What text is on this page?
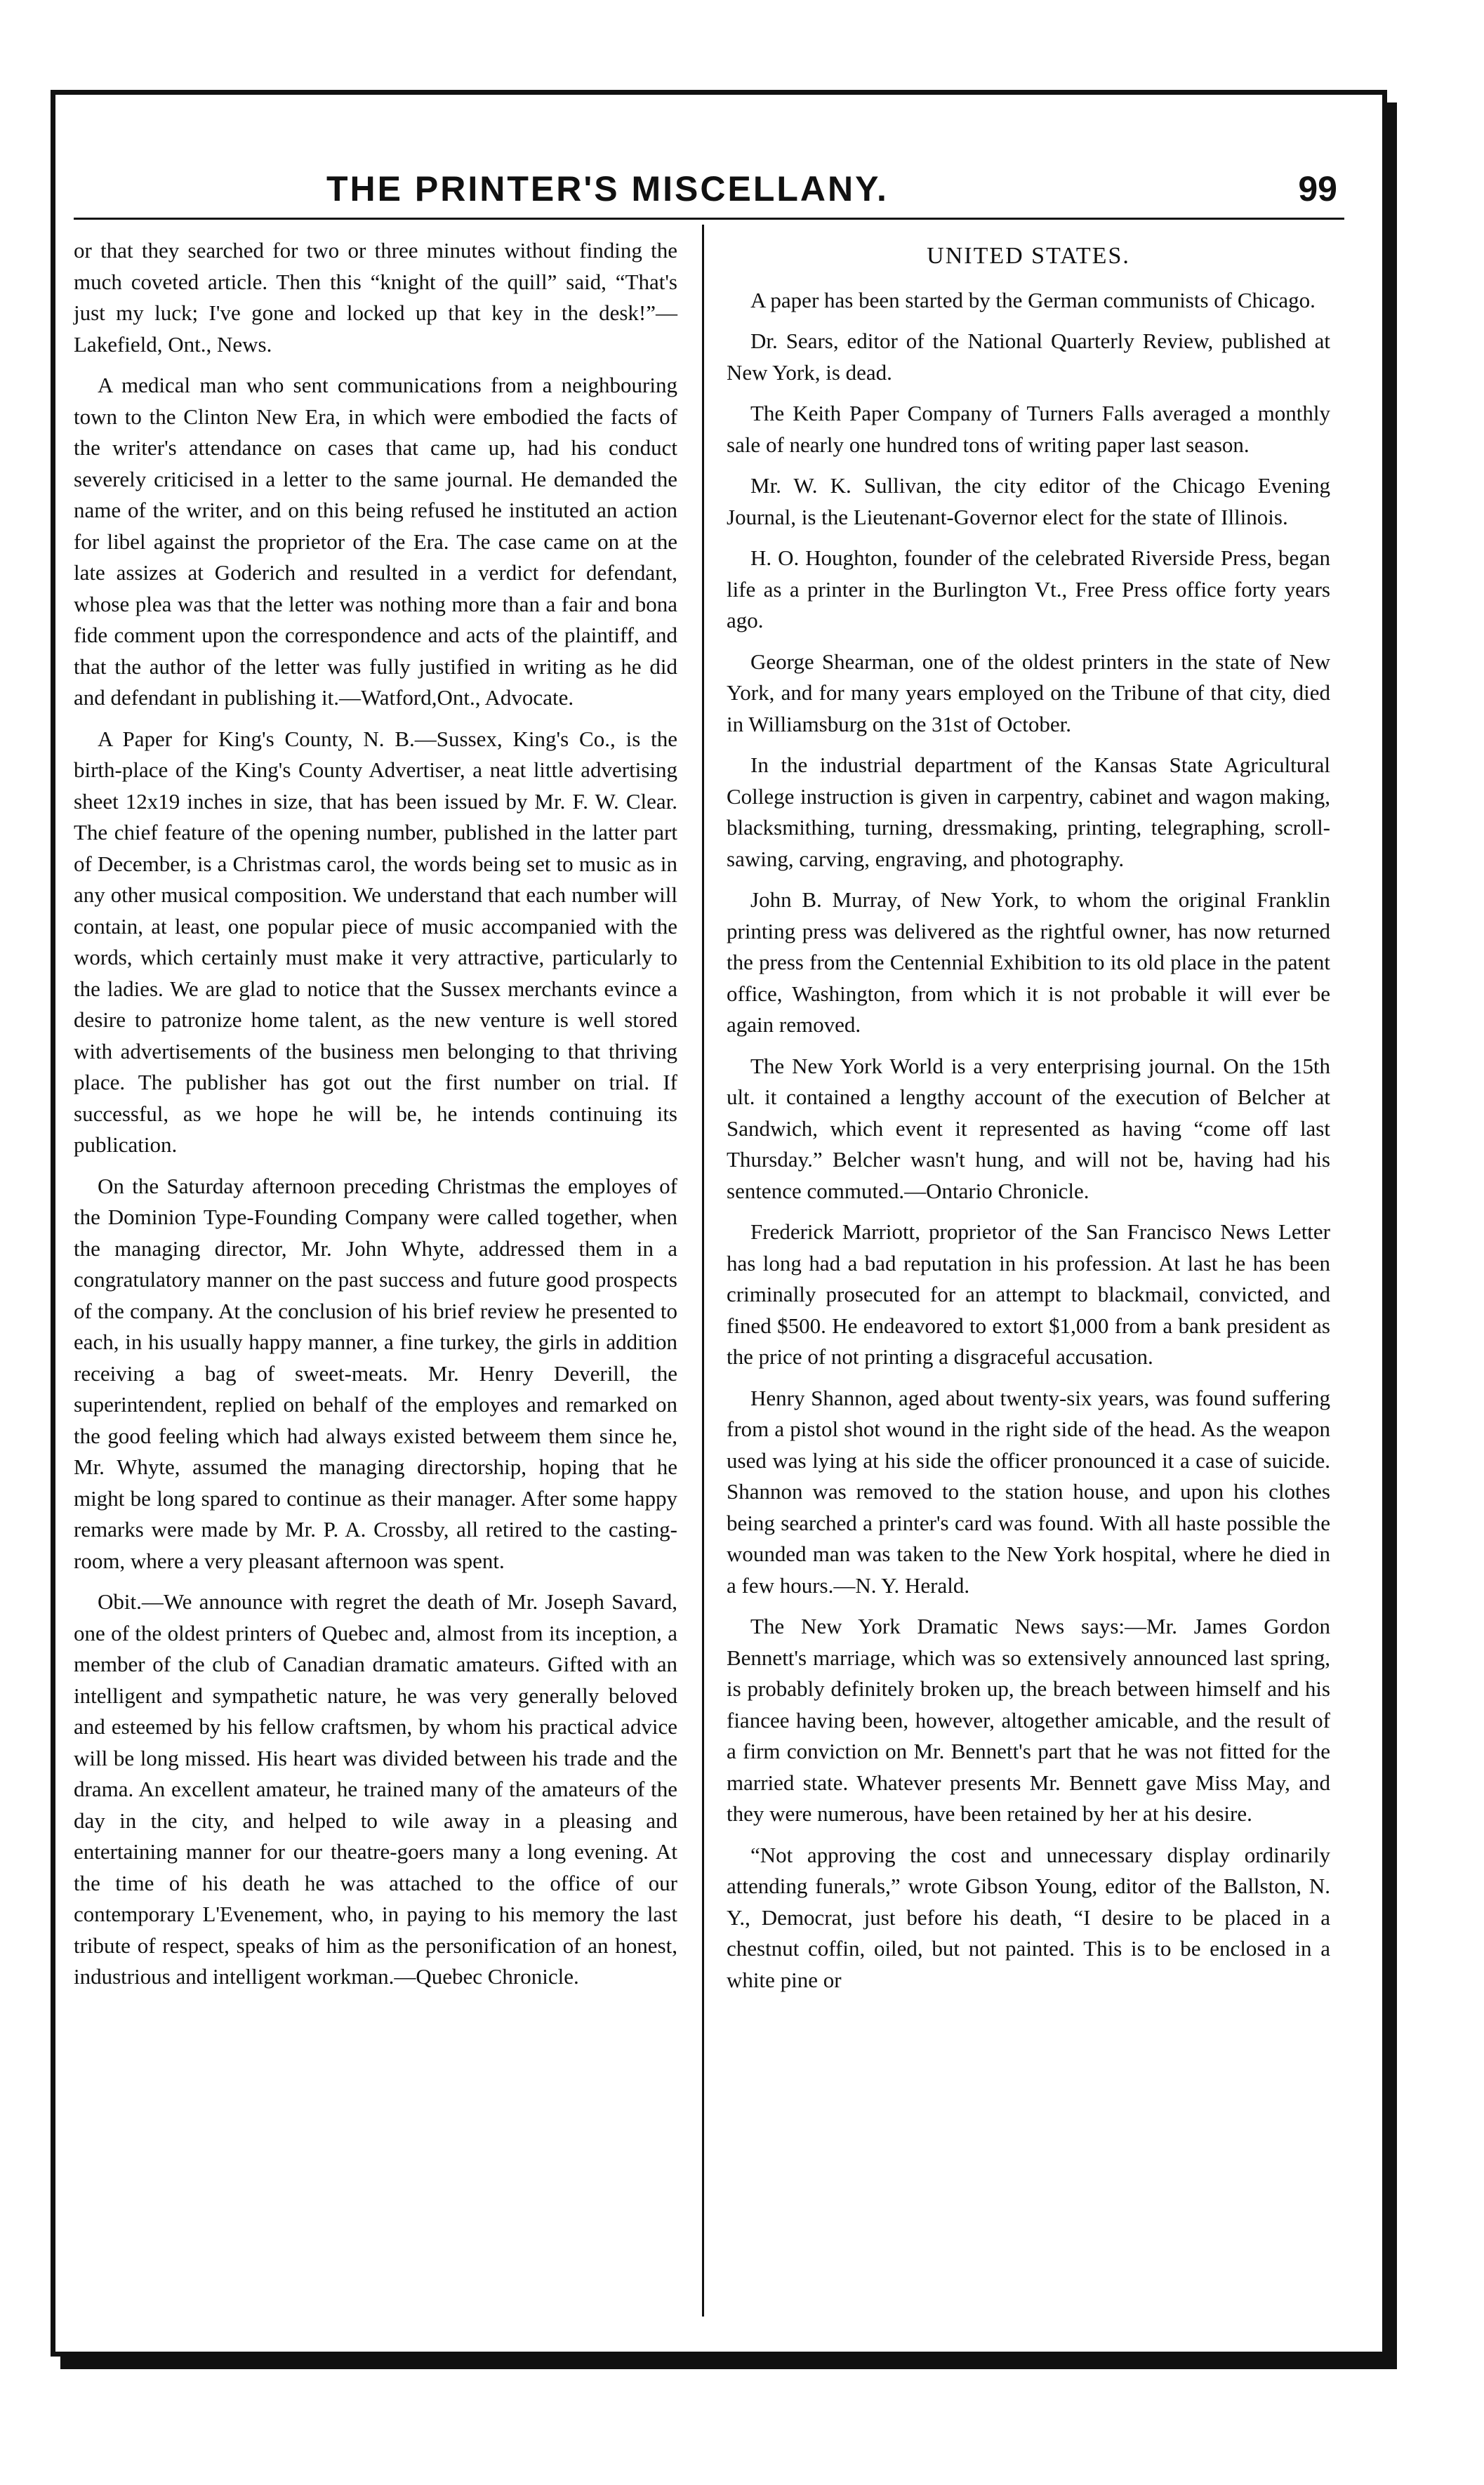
THE PRINTER'S MISCELLANY.	99

or that they searched for two or three minutes without finding the much coveted article. Then this “knight of the quill” said, “That's just my luck; I've gone and locked up that key in the desk!”—Lakefield, Ont., News.

A medical man who sent communications from a neighbouring town to the Clinton New Era, in which were embodied the facts of the writer's attendance on cases that came up, had his conduct severely criticised in a letter to the same journal. He demanded the name of the writer, and on this being refused he instituted an action for libel against the proprietor of the Era. The case came on at the late assizes at Goderich and resulted in a verdict for defendant, whose plea was that the letter was nothing more than a fair and bona fide comment upon the correspondence and acts of the plaintiff, and that the author of the letter was fully justified in writing as he did and defendant in publishing it.—Watford,Ont., Advocate.

A Paper for King's County, N. B.—Sussex, King's Co., is the birth-place of the King's County Advertiser, a neat little advertising sheet 12x19 inches in size, that has been issued by Mr. F. W. Clear. The chief feature of the opening number, published in the latter part of December, is a Christmas carol, the words being set to music as in any other musical composition. We understand that each number will contain, at least, one popular piece of music accompanied with the words, which certainly must make it very attractive, particularly to the ladies. We are glad to notice that the Sussex merchants evince a desire to patronize home talent, as the new venture is well stored with advertisements of the business men belonging to that thriving place. The publisher has got out the first number on trial. If successful, as we hope he will be, he intends continuing its publication.

On the Saturday afternoon preceding Christmas the employes of the Dominion Type-Founding Company were called together, when the managing director, Mr. John Whyte, addressed them in a congratulatory manner on the past success and future good prospects of the company. At the conclusion of his brief review he presented to each, in his usually happy manner, a fine turkey, the girls in addition receiving a bag of sweet-meats. Mr. Henry Deverill, the superintendent, replied on behalf of the employes and remarked on the good feeling which had always existed betweem them since he, Mr. Whyte, assumed the managing directorship, hoping that he might be long spared to continue as their manager. After some happy remarks were made by Mr. P. A. Crossby, all retired to the casting-room, where a very pleasant afternoon was spent.

Obit.—We announce with regret the death of Mr. Joseph Savard, one of the oldest printers of Quebec and, almost from its inception, a member of the club of Canadian dramatic amateurs. Gifted with an intelligent and sympathetic nature, he was very generally beloved and esteemed by his fellow craftsmen, by whom his practical advice will be long missed. His heart was divided between his trade and the drama. An excellent amateur, he trained many of the amateurs of the day in the city, and helped to wile away in a pleasing and entertaining manner for our theatre-goers many a long evening. At the time of his death he was attached to the office of our contemporary L'Evenement, who, in paying to his memory the last tribute of respect, speaks of him as the personification of an honest, industrious and intelligent workman.—Quebec Chronicle.

UNITED STATES.

A paper has been started by the German communists of Chicago.

Dr. Sears, editor of the National Quarterly Review, published at New York, is dead.

The Keith Paper Company of Turners Falls averaged a monthly sale of nearly one hundred tons of writing paper last season.

Mr. W. K. Sullivan, the city editor of the Chicago Evening Journal, is the Lieutenant-Governor elect for the state of Illinois.

H. O. Houghton, founder of the celebrated Riverside Press, began life as a printer in the Burlington Vt., Free Press office forty years ago.

George Shearman, one of the oldest printers in the state of New York, and for many years employed on the Tribune of that city, died in Williamsburg on the 31st of October.

In the industrial department of the Kansas State Agricultural College instruction is given in carpentry, cabinet and wagon making, blacksmithing, turning, dressmaking, printing, telegraphing, scroll-sawing, carving, engraving, and photography.

John B. Murray, of New York, to whom the original Franklin printing press was delivered as the rightful owner, has now returned the press from the Centennial Exhibition to its old place in the patent office, Washington, from which it is not probable it will ever be again removed.

The New York World is a very enterprising journal. On the 15th ult. it contained a lengthy account of the execution of Belcher at Sandwich, which event it represented as having “come off last Thursday.” Belcher wasn't hung, and will not be, having had his sentence commuted.—Ontario Chronicle.

Frederick Marriott, proprietor of the San Francisco News Letter has long had a bad reputation in his profession. At last he has been criminally prosecuted for an attempt to blackmail, convicted, and fined $500. He endeavored to extort $1,000 from a bank president as the price of not printing a disgraceful accusation.

Henry Shannon, aged about twenty-six years, was found suffering from a pistol shot wound in the right side of the head. As the weapon used was lying at his side the officer pronounced it a case of suicide. Shannon was removed to the station house, and upon his clothes being searched a printer's card was found. With all haste possible the wounded man was taken to the New York hospital, where he died in a few hours.—N. Y. Herald.

The New York Dramatic News says:—Mr. James Gordon Bennett's marriage, which was so extensively announced last spring, is probably definitely broken up, the breach between himself and his fiancee having been, however, altogether amicable, and the result of a firm conviction on Mr. Bennett's part that he was not fitted for the married state. Whatever presents Mr. Bennett gave Miss May, and they were numerous, have been retained by her at his desire.

“Not approving the cost and unnecessary display ordinarily attending funerals,” wrote Gibson Young, editor of the Ballston, N. Y., Democrat, just before his death, “I desire to be placed in a chestnut coffin, oiled, but not painted. This is to be enclosed in a white pine or
